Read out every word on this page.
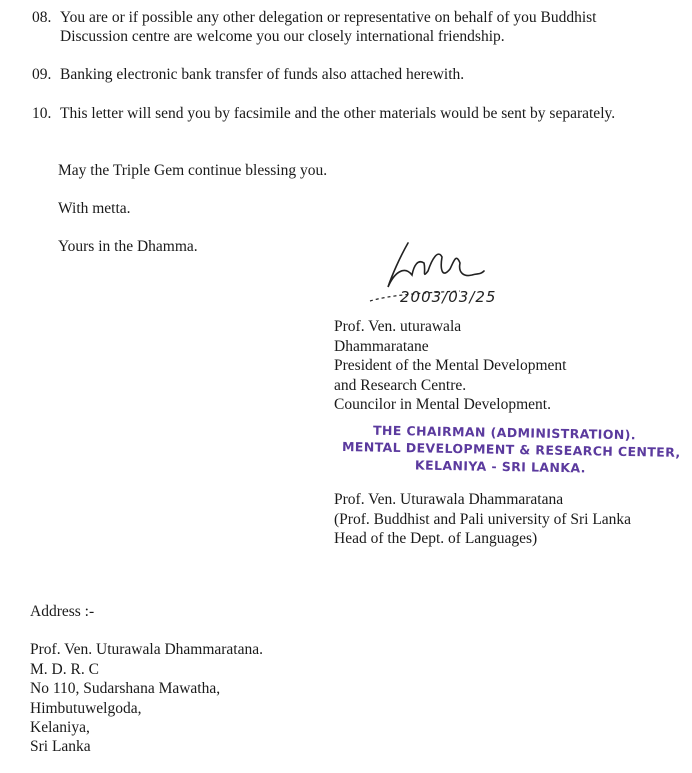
08. You are or if possible any other delegation or representative on behalf of you Buddhist
Discussion centre are welcome you our closely international friendship.
09. Banking electronic bank transfer of funds also attached herewith.
10. This letter will send you by facsimile and the other materials would be sent by separately.
May the Triple Gem continue blessing you.
With metta.
Yours in the Dhamma.
2003/03/25
Prof. Ven. uturawala
Dhammaratane
President of the Mental Development
and Research Centre.
Councilor in Mental Development.
THE CHAIRMAN (ADMINISTRATION).
MENTAL DEVELOPMENT & RESEARCH CENTER,
KELANIYA - SRI LANKA.
Prof. Ven. Uturawala Dhammaratana
(Prof. Buddhist and Pali university of Sri Lanka
Head of the Dept. of Languages)
Address :-
Prof. Ven. Uturawala Dhammaratana.
M. D. R. C
No 110, Sudarshana Mawatha,
Himbutuwelgoda,
Kelaniya,
Sri Lanka
